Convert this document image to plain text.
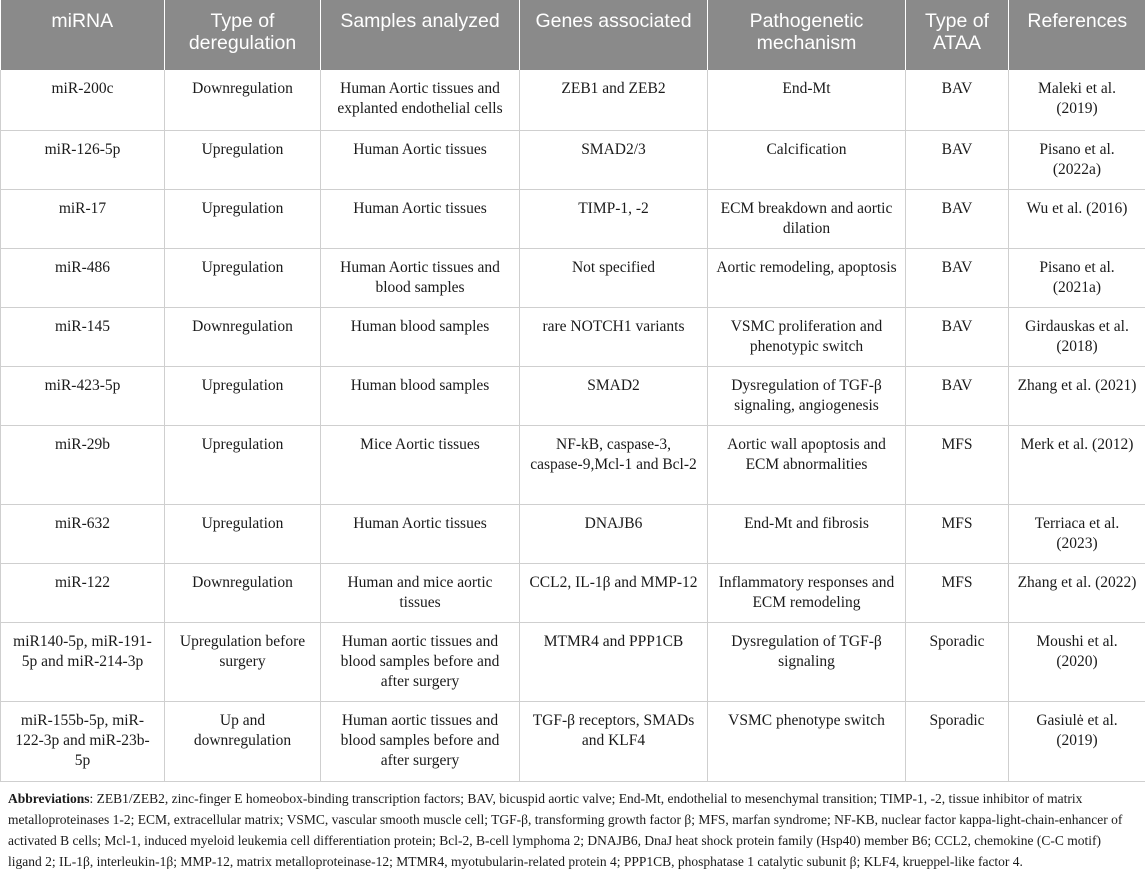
miRNA	Type of deregulation	Samples analyzed	Genes associated	Pathogenetic mechanism	Type of ATAA	References
miR-200c	Downregulation	Human Aortic tissues and explanted endothelial cells	ZEB1 and ZEB2	End-Mt	BAV	Maleki et al. (2019)
miR-126-5p	Upregulation	Human Aortic tissues	SMAD2/3	Calcification	BAV	Pisano et al. (2022a)
miR-17	Upregulation	Human Aortic tissues	TIMP-1, -2	ECM breakdown and aortic dilation	BAV	Wu et al. (2016)
miR-486	Upregulation	Human Aortic tissues and blood samples	Not specified	Aortic remodeling, apoptosis	BAV	Pisano et al. (2021a)
miR-145	Downregulation	Human blood samples	rare NOTCH1 variants	VSMC proliferation and phenotypic switch	BAV	Girdauskas et al. (2018)
miR-423-5p	Upregulation	Human blood samples	SMAD2	Dysregulation of TGF-β signaling, angiogenesis	BAV	Zhang et al. (2021)
miR-29b	Upregulation	Mice Aortic tissues	NF-kB, caspase-3, caspase-9,Mcl-1 and Bcl-2	Aortic wall apoptosis and ECM abnormalities	MFS	Merk et al. (2012)
miR-632	Upregulation	Human Aortic tissues	DNAJB6	End-Mt and fibrosis	MFS	Terriaca et al. (2023)
miR-122	Downregulation	Human and mice aortic tissues	CCL2, IL-1β and MMP-12	Inflammatory responses and ECM remodeling	MFS	Zhang et al. (2022)
miR140-5p, miR-191-5p and miR-214-3p	Upregulation before surgery	Human aortic tissues and blood samples before and after surgery	MTMR4 and PPP1CB	Dysregulation of TGF-β signaling	Sporadic	Moushi et al. (2020)
miR-155b-5p, miR-122-3p and miR-23b-5p	Up and downregulation	Human aortic tissues and blood samples before and after surgery	TGF-β receptors, SMADs and KLF4	VSMC phenotype switch	Sporadic	Gasiulė et al. (2019)
Abbreviations: ZEB1/ZEB2, zinc-finger E homeobox-binding transcription factors; BAV, bicuspid aortic valve; End-Mt, endothelial to mesenchymal transition; TIMP-1, -2, tissue inhibitor of matrix metalloproteinases 1-2; ECM, extracellular matrix; VSMC, vascular smooth muscle cell; TGF-β, transforming growth factor β; MFS, marfan syndrome; NF-KB, nuclear factor kappa-light-chain-enhancer of activated B cells; Mcl-1, induced myeloid leukemia cell differentiation protein; Bcl-2, B-cell lymphoma 2; DNAJB6, DnaJ heat shock protein family (Hsp40) member B6; CCL2, chemokine (C-C motif) ligand 2; IL-1β, interleukin-1β; MMP-12, matrix metalloproteinase-12; MTMR4, myotubularin-related protein 4; PPP1CB, phosphatase 1 catalytic subunit β; KLF4, krueppel-like factor 4.
